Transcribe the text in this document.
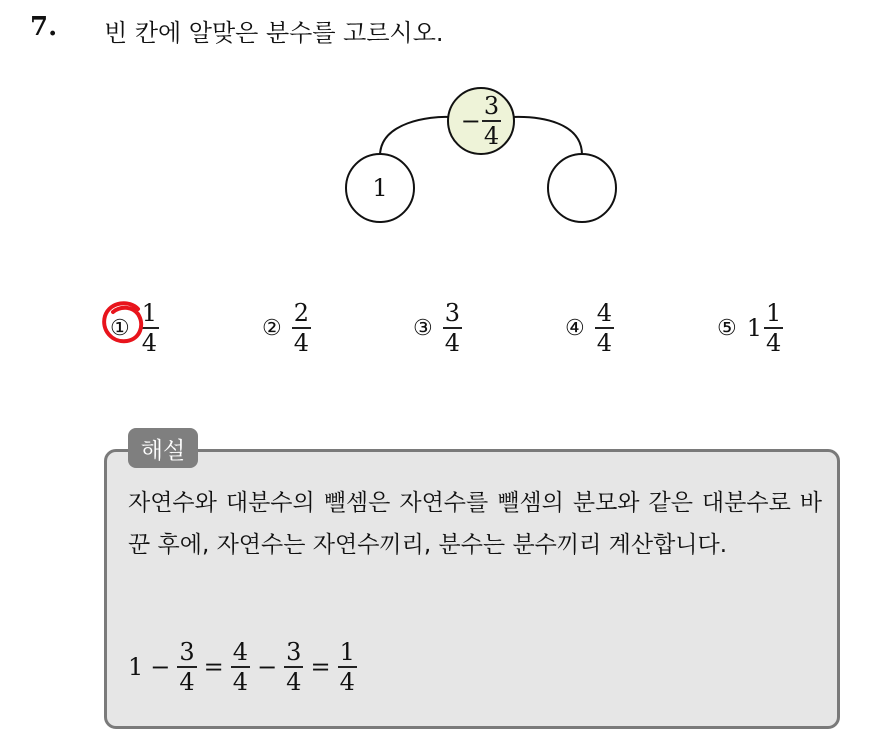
7. 빈 칸에 알맞은 분수를 고르시오.
− $\frac{3}{4}$
1
① $\frac{1}{4}$	② $\frac{2}{4}$	③ $\frac{3}{4}$	④ $\frac{4}{4}$	⑤ $1 \frac{1}{4}$
해설
자연수와 대분수의 뺄셈은 자연수를 뺄셈의 분모와 같은 대분수로 바꾼 후에, 자연수는 자연수끼리, 분수는 분수끼리 계산합니다.
$1 - \frac{3}{4} = \frac{4}{4} - \frac{3}{4} = \frac{1}{4}$
